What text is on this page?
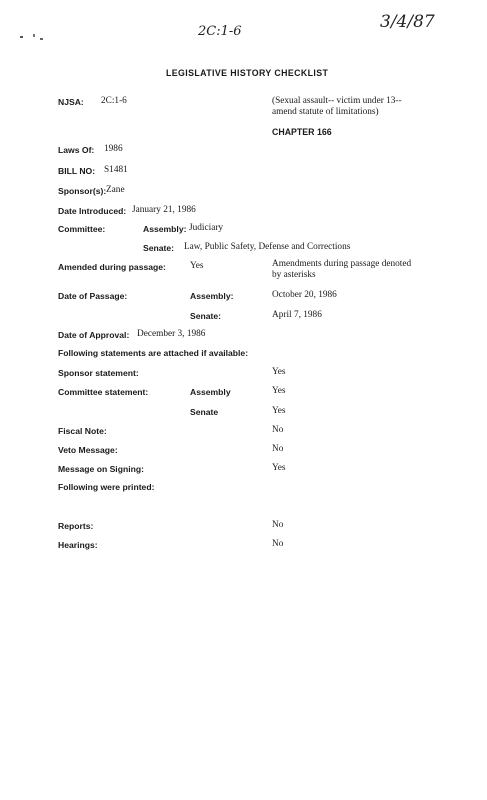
2C:1-6	3/4/87
LEGISLATIVE HISTORY CHECKLIST
NJSA: 2C:1-6	(Sexual assault-- victim under 13--
amend statute of limitations)
CHAPTER 166
Laws Of: 1986
BILL NO: S1481
Sponsor(s): Zane
Date Introduced: January 21, 1986
Committee:	Assembly: Judiciary
Senate: Law, Public Safety, Defense and Corrections
Amended during passage:	Yes	Amendments during passage denoted
by asterisks
Date of Passage:	Assembly:	October 20, 1986
Senate:	April 7, 1986
Date of Approval: December 3, 1986
Following statements are attached if available:
Sponsor statement:	Yes
Committee statement:	Assembly	Yes
Senate	Yes
Fiscal Note:	No
Veto Message:	No
Message on Signing:	Yes
Following were printed:
Reports:	No
Hearings:	No
